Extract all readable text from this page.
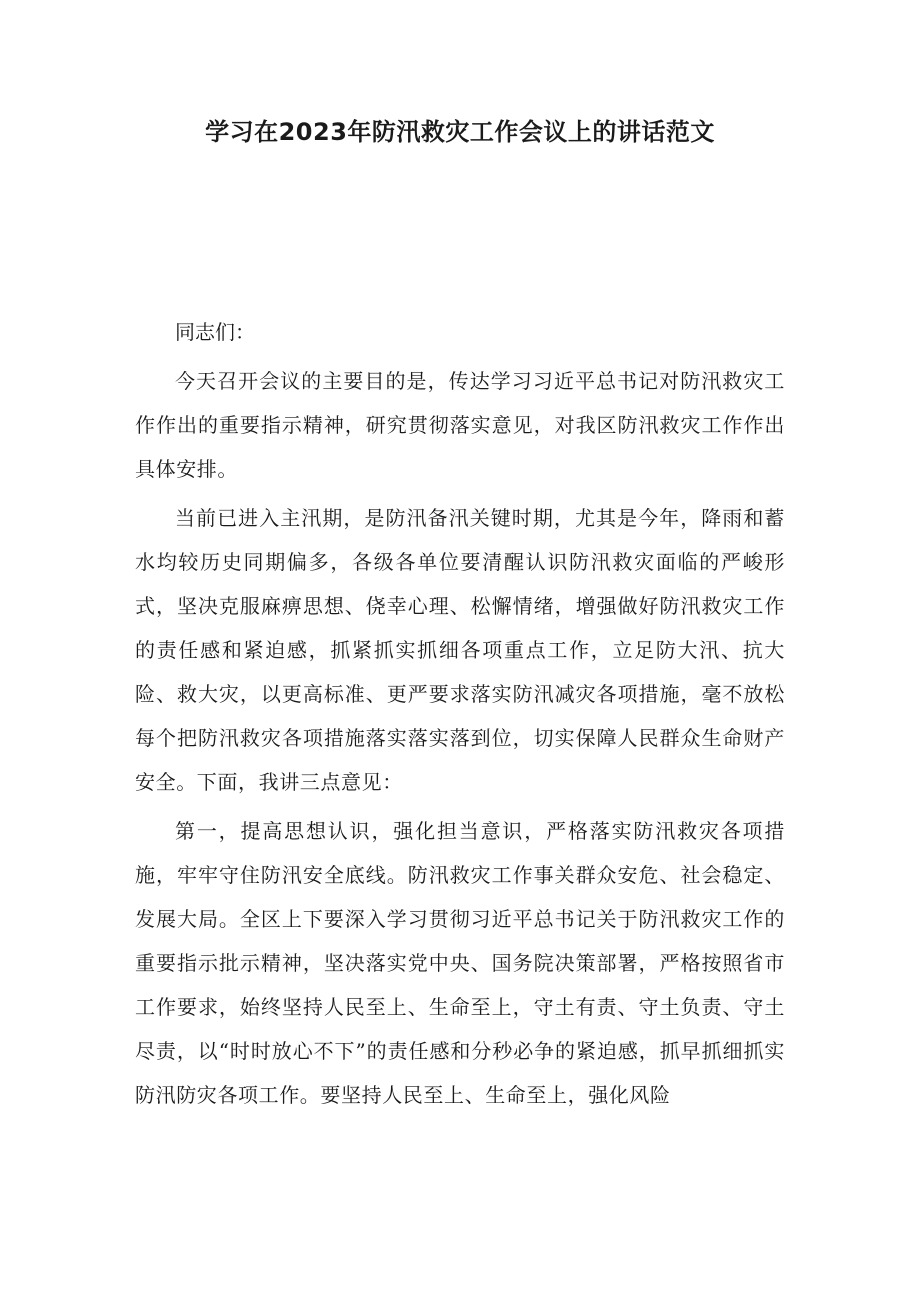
学习在2023年防汛救灾工作会议上的讲话范文

同志们：

今天召开会议的主要目的是，传达学习习近平总书记对防汛救灾工作作出的重要指示精神，研究贯彻落实意见，对我区防汛救灾工作作出具体安排。

当前已进入主汛期，是防汛备汛关键时期，尤其是今年，降雨和蓄水均较历史同期偏多，各级各单位要清醒认识防汛救灾面临的严峻形式，坚决克服麻痹思想、侥幸心理、松懈情绪，增强做好防汛救灾工作的责任感和紧迫感，抓紧抓实抓细各项重点工作，立足防大汛、抗大险、救大灾，以更高标准、更严要求落实防汛减灾各项措施，毫不放松每个把防汛救灾各项措施落实落实落到位，切实保障人民群众生命财产安全。下面，我讲三点意见：

第一，提高思想认识，强化担当意识，严格落实防汛救灾各项措施，牢牢守住防汛安全底线。防汛救灾工作事关群众安危、社会稳定、发展大局。全区上下要深入学习贯彻习近平总书记关于防汛救灾工作的重要指示批示精神，坚决落实党中央、国务院决策部署，严格按照省市工作要求，始终坚持人民至上、生命至上，守土有责、守土负责、守土尽责，以“时时放心不下”的责任感和分秒必争的紧迫感，抓早抓细抓实防汛防灾各项工作。要坚持人民至上、生命至上，强化风险
